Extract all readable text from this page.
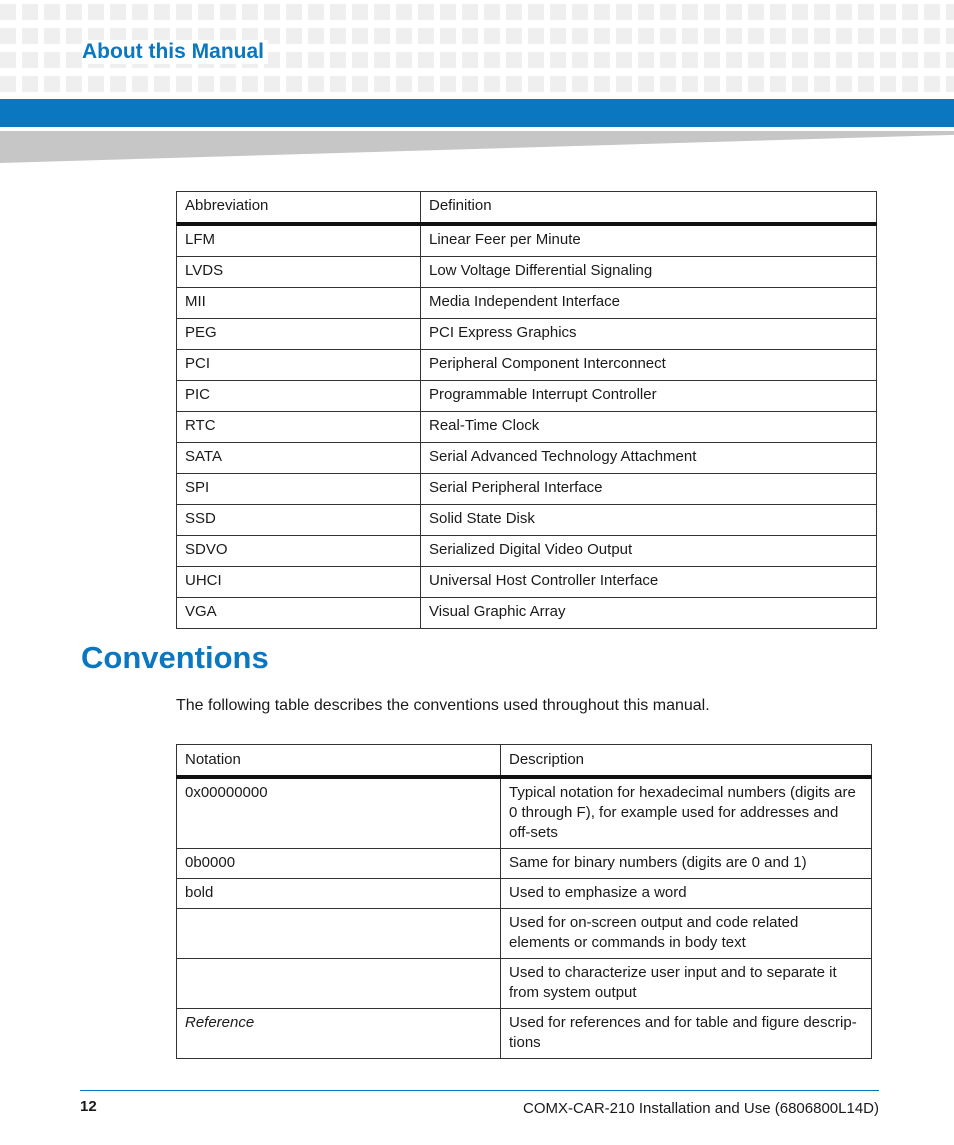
About this Manual
Abbreviation	Definition
LFM	Linear Feer per Minute
LVDS	Low Voltage Differential Signaling
MII	Media Independent Interface
PEG	PCI Express Graphics
PCI	Peripheral Component Interconnect
PIC	Programmable Interrupt Controller
RTC	Real-Time Clock
SATA	Serial Advanced Technology Attachment
SPI	Serial Peripheral Interface
SSD	Solid State Disk
SDVO	Serialized Digital Video Output
UHCI	Universal Host Controller Interface
VGA	Visual Graphic Array
Conventions

The following table describes the conventions used throughout this manual.

Notation	Description
0x00000000	Typical notation for hexadecimal numbers (digits are 0 through F), for example used for addresses and off-sets
0b0000	Same for binary numbers (digits are 0 and 1)
bold	Used to emphasize a word
	Used for on-screen output and code related elements or commands in body text
	Used to characterize user input and to separate it from system output
Reference	Used for references and for table and figure descrip-tions
12	COMX-CAR-210 Installation and Use (6806800L14D)
